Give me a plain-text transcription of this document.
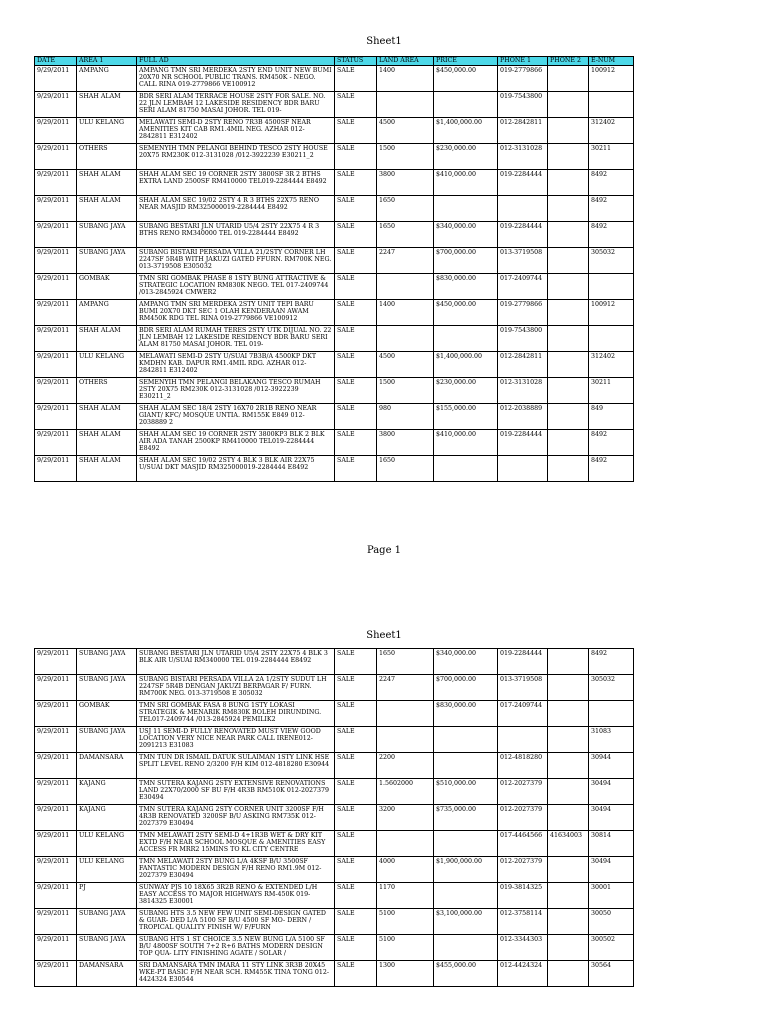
Sheet1
DATE	AREA 1	FULL AD	STATUS	LAND AREA	PRICE	PHONE 1	PHONE 2	E-NUM
9/29/2011	AMPANG	AMPANG TMN SRI MERDEKA 2STY END UNIT NEW BUMI 20X70 NR SCHOOL PUBLIC TRANS. RM450K - NEGO. CALL RINA 019-2779866 VE100912	SALE	1400	$450,000.00	019-2779866		100912
9/29/2011	SHAH ALAM	BDR SERI ALAM TERRACE HOUSE 2STY FOR SALE. NO. 22 JLN LEMBAH 12 LAKESIDE RESIDENCY BDR BARU SERI ALAM 81750 MASAI JOHOR. TEL 019-	SALE			019-7543800		
9/29/2011	ULU KELANG	MELAWATI SEMI-D 2STY RENO 7R3B 4500SF NEAR AMENITIES KIT CAB RM1.4MIL NEG. AZHAR 012-2842811 E312402	SALE	4500	$1,400,000.00	012-2842811		312402
9/29/2011	OTHERS	SEMENYIH TMN PELANGI BEHIND TESCO 2STY HOUSE 20X75 RM230K 012-3131028 /012-3922239 E30211_2	SALE	1500	$230,000.00	012-3131028		30211
9/29/2011	SHAH ALAM	SHAH ALAM SEC 19 CORNER 2STY 3800SF 3R 2 BTHS EXTRA LAND 2500SF RM410000 TEL019-2284444 E8492	SALE	3800	$410,000.00	019-2284444		8492
9/29/2011	SHAH ALAM	SHAH ALAM SEC 19/02 2STY 4 R 3 BTHS 22X75 RENO NEAR MASJID RM325000019-2284444 E8492	SALE	1650				8492
9/29/2011	SUBANG JAYA	SUBANG BESTARI JLN UTARID U5/4 2STY 22X75 4 R 3 BTHS RENO RM340000 TEL 019-2284444 E8492	SALE	1650	$340,000.00	019-2284444		8492
9/29/2011	SUBANG JAYA	SUBANG BISTARI PERSADA VILLA 21/2STY CORNER LH 2247SF 5R4B WITH JAKUZI GATED FFURN. RM700K NEG. 013-3719508 E305032	SALE	2247	$700,000.00	013-3719508		305032
9/29/2011	GOMBAK	TMN SRI GOMBAK PHASE 8 1STY BUNG ATTRACTIVE & STRATEGIC LOCATION RM830K NEGO. TEL 017-2409744 /013-2845924 CMWER2	SALE		$830,000.00	017-2409744		
9/29/2011	AMPANG	AMPANG TMN SRI MERDEKA 2STY UNIT TEPI BARU BUMI 20X70 DKT SEC 1 OLAH KENDERAAN AWAM RM450K RDG TEL RINA 019-2779866 VE100912	SALE	1400	$450,000.00	019-2779866		100912
9/29/2011	SHAH ALAM	BDR SERI ALAM RUMAH TERES 2STY UTK DIJUAL NO. 22 JLN LEMBAH 12 LAKESIDE RESIDENCY BDR BARU SERI ALAM 81750 MASAI JOHOR. TEL 019-	SALE			019-7543800		
9/29/2011	ULU KELANG	MELAWATI SEMI-D 2STY U/SUAI 7B3B/A 4500KP DKT KMDHN KAB. DAPUR RM1.4MIL RDG. AZHAR 012-2842811 E312402	SALE	4500	$1,400,000.00	012-2842811		312402
9/29/2011	OTHERS	SEMENYIH TMN PELANGI BELAKANG TESCO RUMAH 2STY 20X75 RM230K 012-3131028 /012-3922239 E30211_2	SALE	1500	$230,000.00	012-3131028		30211
9/29/2011	SHAH ALAM	SHAH ALAM SEC 18/4 2STY 16X70 2R1B RENO NEAR GIANT/ KFC/ MOSQUE UNTIA. RM155K E849 012-2038889 2	SALE	980	$155,000.00	012-2038889		849
9/29/2011	SHAH ALAM	SHAH ALAM SEC 19 CORNER 2STY 3800KP3 BLK 2 BLK AIR ADA TANAH 2500KP RM410000 TEL019-2284444 E8492	SALE	3800	$410,000.00	019-2284444		8492
9/29/2011	SHAH ALAM	SHAH ALAM SEC 19/02 2STY 4 BLK 3 BLK AIR 22X75 U/SUAI DKT MASJID RM325000019-2284444 E8492	SALE	1650				8492
Page 1
Sheet1
9/29/2011	SUBANG JAYA	SUBANG BESTARI JLN UTARID U5/4 2STY 22X75 4 BLK 3 BLK AIR U/SUAI RM340000 TEL 019-2284444 E8492	SALE	1650	$340,000.00	019-2284444		8492
9/29/2011	SUBANG JAYA	SUBANG BISTARI PERSADA VILLA 2A 1/2STY SUDUT LH 2247SF 5R4B DENGAN JAKUZI BERPAGAR F/ FURN. RM700K NEG. 013-3719508 E 305032	SALE	2247	$700,000.00	013-3719508		305032
9/29/2011	GOMBAK	TMN SRI GOMBAK FASA 8 BUNG 1STY LOKASI STRATEGIK & MENARIK RM830K BOLEH DIRUNDING. TEL017-2409744 /013-2845924 PEMILIK2	SALE		$830,000.00	017-2409744		
9/29/2011	SUBANG JAYA	USJ 11 SEMI-D FULLY RENOVATED MUST VIEW GOOD LOCATION VERY NICE NEAR PARK CALL IRENE012-2091213 E31083	SALE					31083
9/29/2011	DAMANSARA	TMN TUN DR ISMAIL DATUK SULAIMAN 1STY LINK HSE SPLIT LEVEL RENO 2/3200 F/H KIM 012-4818280 E30944	SALE	2200		012-4818280		30944
9/29/2011	KAJANG	TMN SUTERA KAJANG 2STY EXTENSIVE RENOVATIONS LAND 22X70/2000 SF BU F/H 4R3B RM510K 012-2027379 E30494	SALE	1.5602000	$510,000.00	012-2027379		30494
9/29/2011	KAJANG	TMN SUTERA KAJANG 2STY CORNER UNIT 3200SF F/H 4R3B RENOVATED 3200SF B/U ASKING RM735K 012-2027379 E30494	SALE	3200	$735,000.00	012-2027379		30494
9/29/2011	ULU KELANG	TMN MELAWATI 2STY SEMI-D 4+1R3B WET & DRY KIT EXTD F/H NEAR SCHOOL MOSQUE & AMENITIES EASY ACCESS FR MRR2 15MINS TO KL CITY CENTRE	SALE			017-4464566	41634003	30814
9/29/2011	ULU KELANG	TMN MELAWATI 2STY BUNG L/A 4KSF B/U 3500SF FANTASTIC MODERN DESIGN F/H RENO RM1.9M 012-2027379 E30494	SALE	4000	$1,900,000.00	012-2027379		30494
9/29/2011	PJ	SUNWAY PJS 10 18X65 3R2B RENO & EXTENDED L/H EASY ACCESS TO MAJOR HIGHWAYS RM-450K 019-3814325 E30001	SALE	1170		019-3814325		30001
9/29/2011	SUBANG JAYA	SUBANG HTS 3.5 NEW FEW UNIT SEMI-DESIGN GATED & GUAR- DED L/A 5100 SF B/U 4500 SF MO- DERN / TROPICAL QUALITY FINISH W/ F/FURN	SALE	5100	$3,100,000.00	012-3758114		30050
9/29/2011	SUBANG JAYA	SUBANG HTS 1 ST CHOICE 3.5 NEW BUNG L/A 5100 SF B/U 4800SF SOUTH 7+2 R+6 BATHS MODERN DESIGN TOP QUA- LITY FINISHING AGATE / SOLAR /	SALE	5100		012-3344303		300502
9/29/2011	DAMANSARA	SRI DAMANSARA TMN IMARA 11 STY LINK 3R3B 20X45 WKE-PT BASIC F/H NEAR SCH. RM455K TINA TONG 012-4424324 E30544	SALE	1300	$455,000.00	012-4424324		30564
